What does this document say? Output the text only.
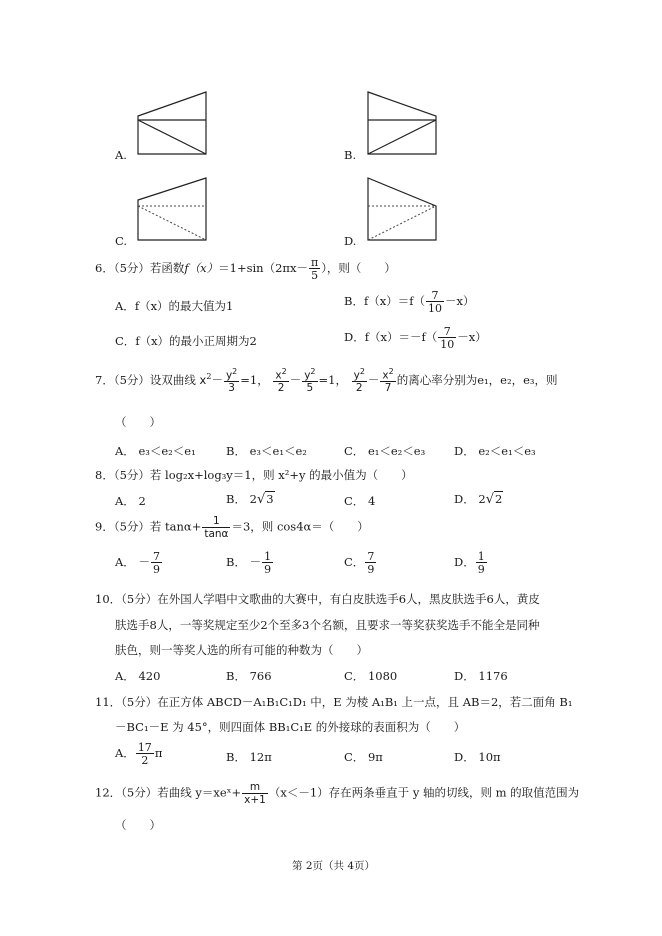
A.	B.
C.	D.
6．（5分）若函数$f(x)=1+\sin(2\pi x- \frac{\pi}{5}$ ），则（　　）
A．f（x）的最大值为1	B．$f(x)=f( \frac{7}{10} -x)$
C．f（x）的最小正周期为2	D．$f(x)=-f( \frac{7}{10} -x)$
7．（5分）设双曲线 $x^2- \frac{y^2}{3} =1$， $\frac{x^2}{2} - \frac{y^2}{5} =1$， $\frac{y^2}{2} - \frac{x^2}{7}$ 的离心率分别为e₁，e₂，e₃，则
（　　）
A． e₃＜e₂＜e₁	B． e₃＜e₁＜e₂	C． e₁＜e₂＜e₃	D． e₂＜e₁＜e₃
8．（5分）若 log₂x+log₃y＝1，则 x²+y 的最小值为（　　）
A． 2	B． 2√3	C． 4	D． 2√2
9．（5分）若 $\tan\alpha+ \frac{1}{\tan\alpha} =3$，则 cos4α＝（　　）
A． － $\frac{7}{9}$	B． － $\frac{1}{9}$	C． $\frac{7}{9}$	D． $\frac{1}{9}$
10．（5分）在外国人学唱中文歌曲的大赛中，有白皮肤选手6人，黑皮肤选手6人，黄皮
肤选手8人，一等奖规定至少2个至多3个名额，且要求一等奖获奖选手不能全是同种
肤色，则一等奖人选的所有可能的种数为（　　）
A． 420	B． 766	C． 1080	D． 1176
11．（5分）在正方体 ABCD－A₁B₁C₁D₁ 中，E 为棱 A₁B₁ 上一点，且 AB＝2，若二面角 B₁
－BC₁－E 为 45°，则四面体 BB₁C₁E 的外接球的表面积为（　　）
A． $\frac{17}{2}$ π	B． 12π	C． 9π	D． 10π
12．（5分）若曲线 y＝xeˣ+ $\frac{m}{x+1} (x<-1)$存在两条垂直于 y 轴的切线，则 m 的取值范围为
（　　）
第 2页（共 4页）
